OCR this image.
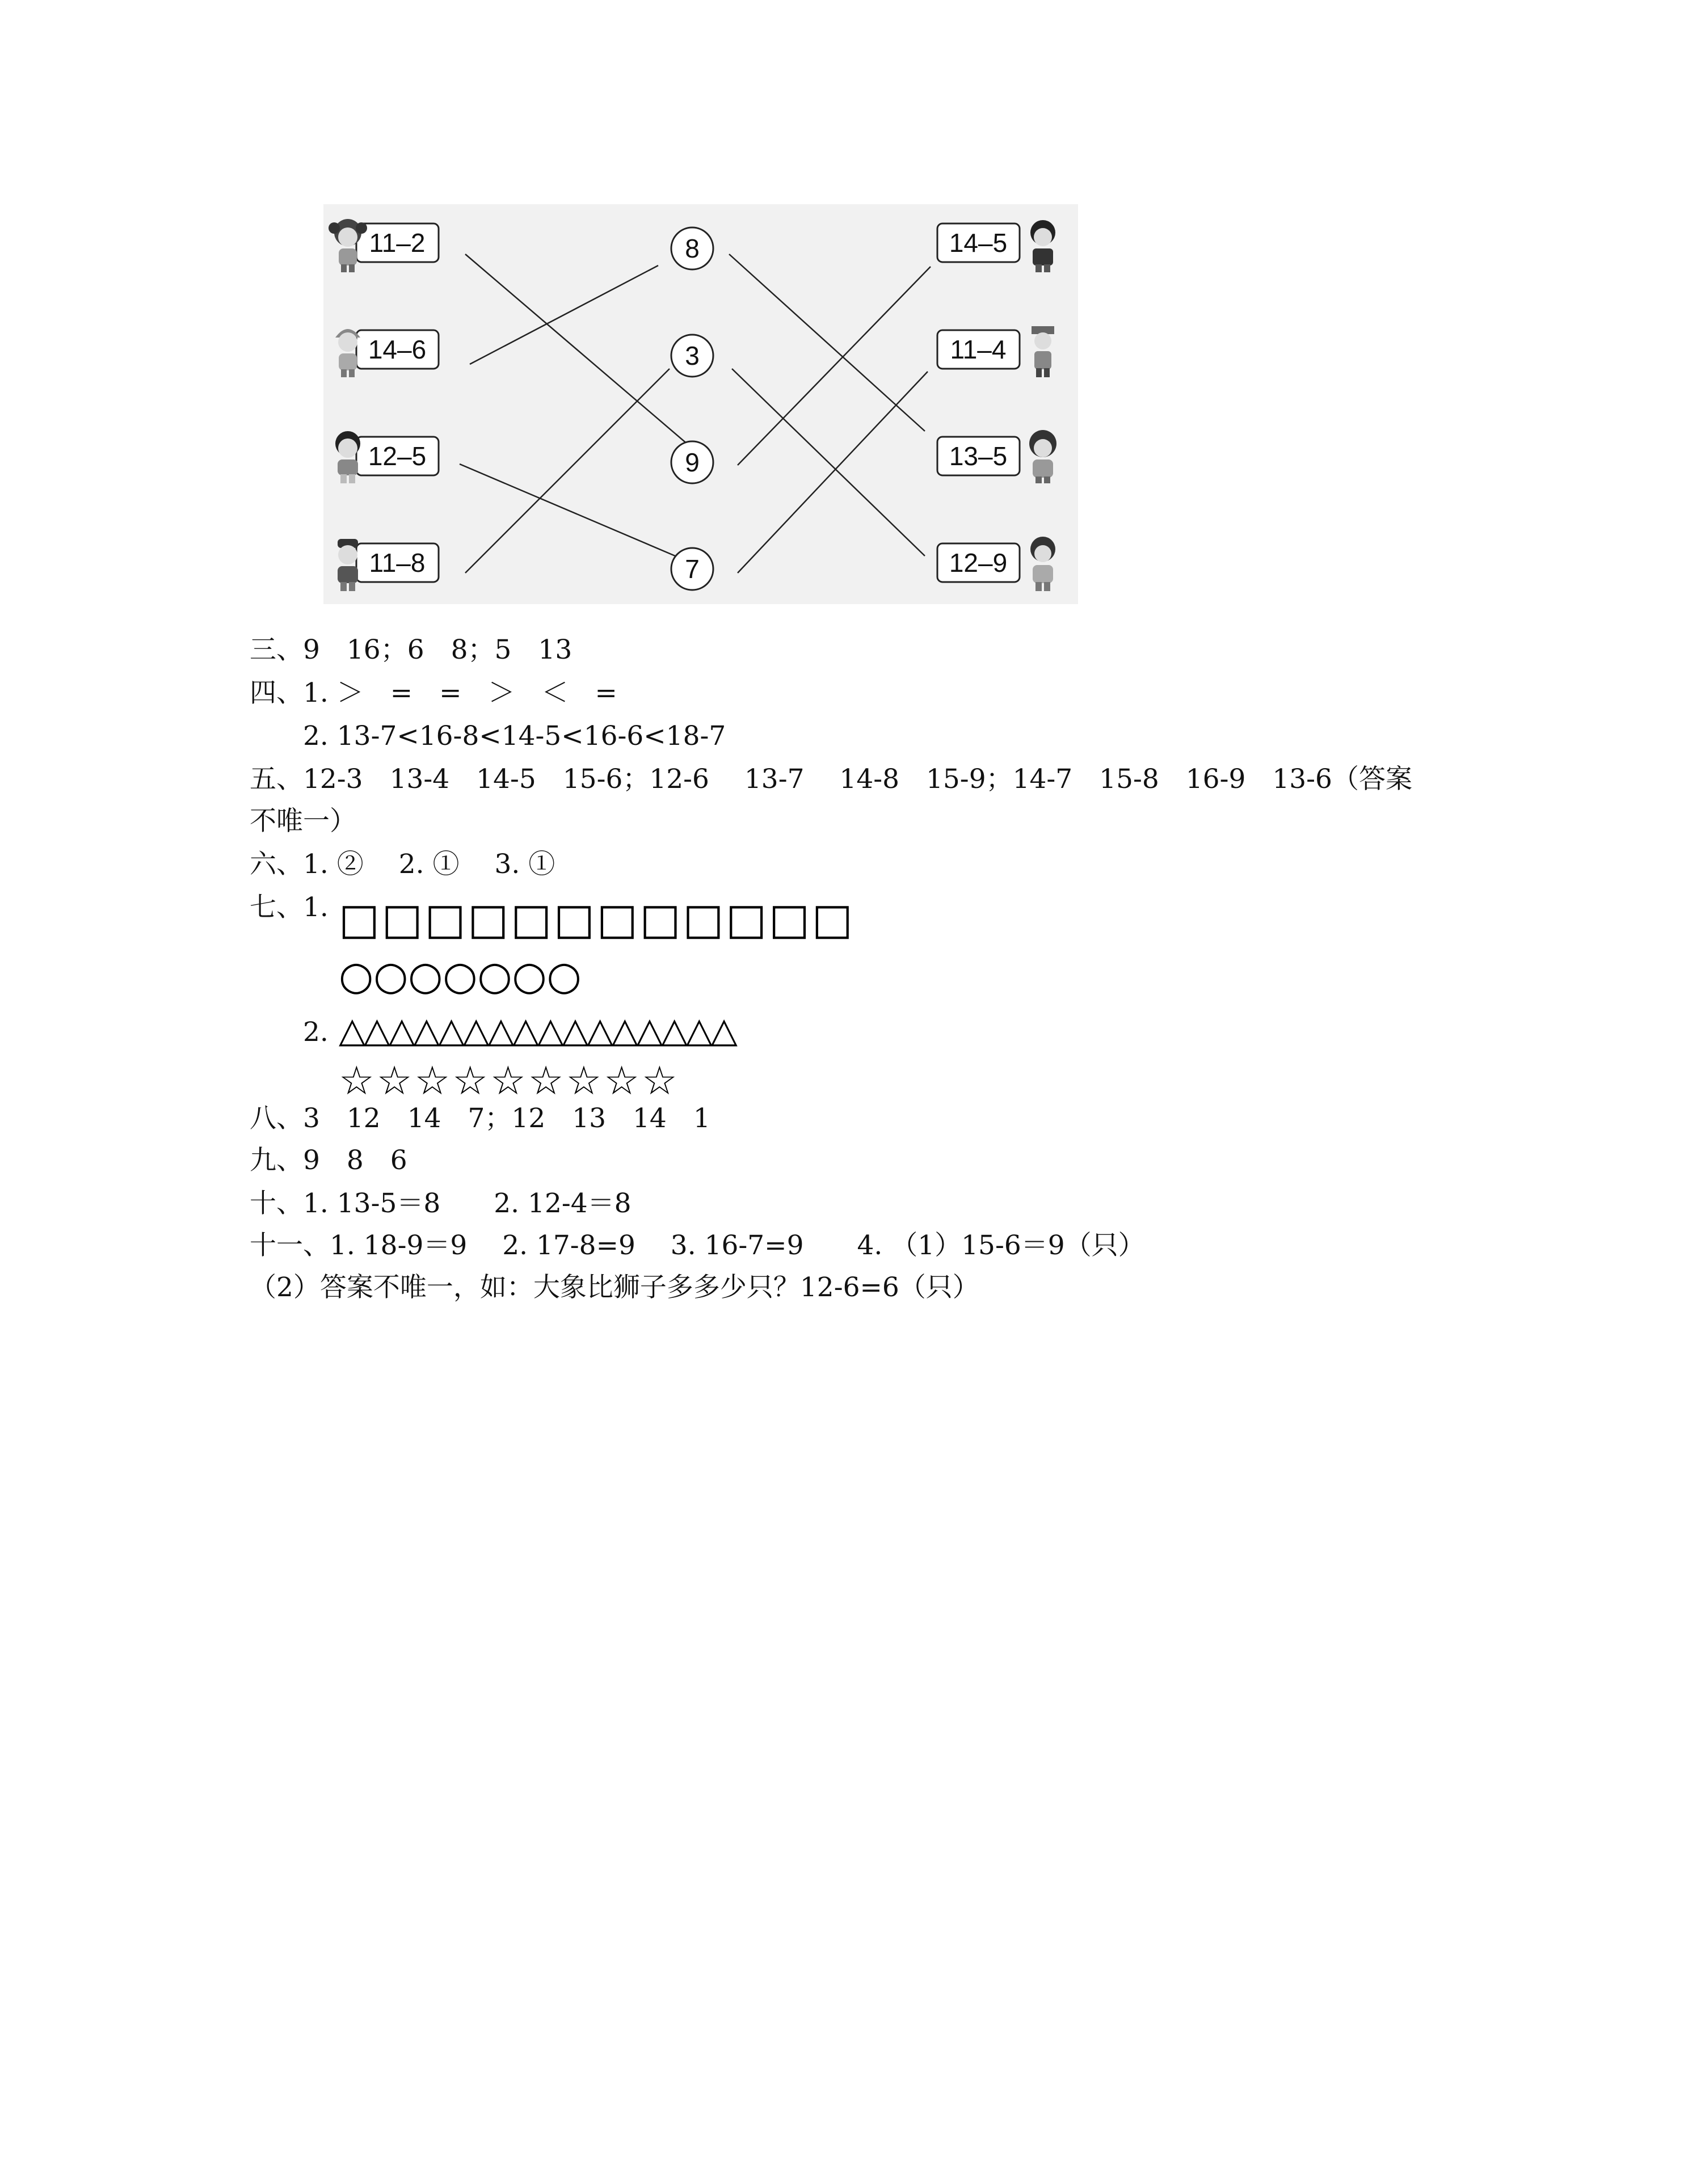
11–2
14–6
12–5
11–8
8
3
9
7
14–5
11–4
13–5
12–9
三、9　16；6　8；5　13
四、1. ＞　=　=　＞　＜　=
　　2. 13-7<16-8<14-5<16-6<18-7
五、12-3　13-4　14-5　15-6；12-6　 13-7　 14-8　15-9；14-7　15-8　16-9　13-6（答案
不唯一）
六、1. ②　 2. ①　 3. ①
七、1. □□□□□□□□□□□□
○○○○○○○
　　2. △△△△△△△△△△△△△△△△
☆☆☆☆☆☆☆☆☆
八、3　12　14　7；12　13　14　1
九、9　8　6
十、1. 13-5＝8　　2. 12-4＝8
十一、1. 18-9＝9　 2. 17-8=9　 3. 16-7=9　　4. （1）15-6＝9（只）
（2）答案不唯一，如：大象比狮子多多少只？12-6=6（只）
